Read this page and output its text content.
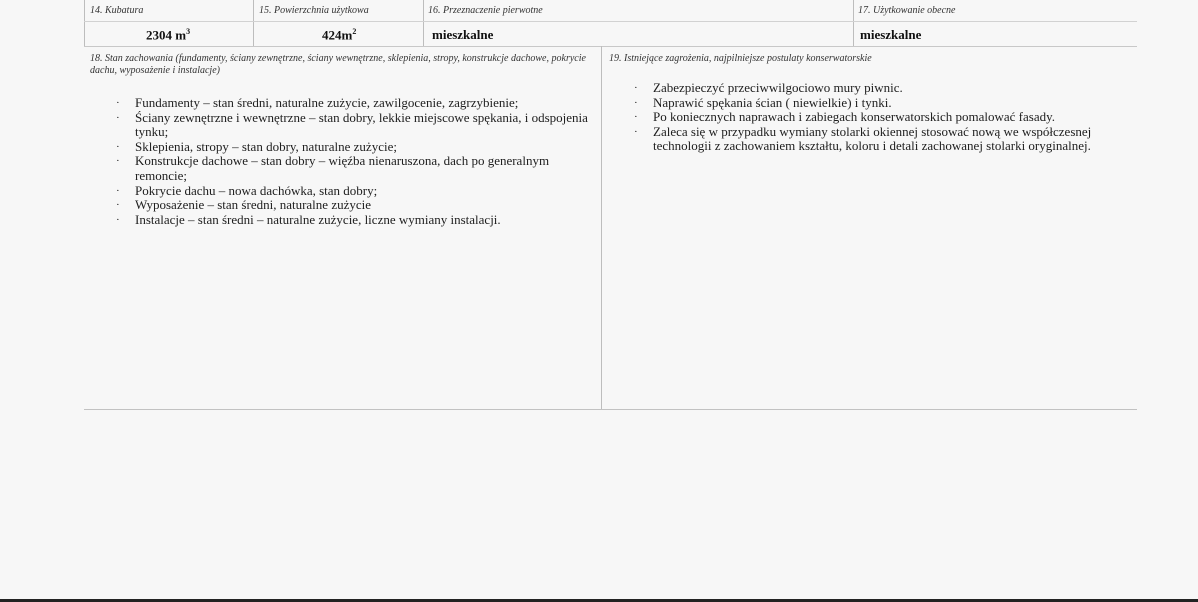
14. Kubatura
2304 $m^3$
15. Powierzchnia użytkowa
$424m^2$
16. Przeznaczenie pierwotne
mieszkalne
17. Użytkowanie obecne
mieszkalne
18. Stan zachowania (fundamenty, ściany zewnętrzne, ściany wewnętrzne, sklepienia, stropy, konstrukcje dachowe, pokrycie dachu, wyposażenie i instalacje)
· Fundamenty – stan średni, naturalne zużycie, zawilgocenie, zagrzybienie;
· Ściany zewnętrzne i wewnętrzne – stan dobry, lekkie miejscowe spękania, i odspojenia tynku;
· Sklepienia, stropy – stan dobry, naturalne zużycie;
· Konstrukcje dachowe – stan dobry – więźba nienaruszona, dach po generalnym remoncie;
· Pokrycie dachu – nowa dachówka, stan dobry;
· Wyposażenie – stan średni, naturalne zużycie
· Instalacje – stan średni – naturalne zużycie, liczne wymiany instalacji.
19. Istniejące zagrożenia, najpilniejsze postulaty konserwatorskie
· Zabezpieczyć przeciwwilgociowo mury piwnic.
· Naprawić spękania ścian ( niewielkie) i tynki.
· Po koniecznych naprawach i zabiegach konserwatorskich pomalować fasady.
· Zaleca się w przypadku wymiany stolarki okiennej stosować nową we współczesnej technologii z zachowaniem kształtu, koloru i detali zachowanej stolarki oryginalnej.
